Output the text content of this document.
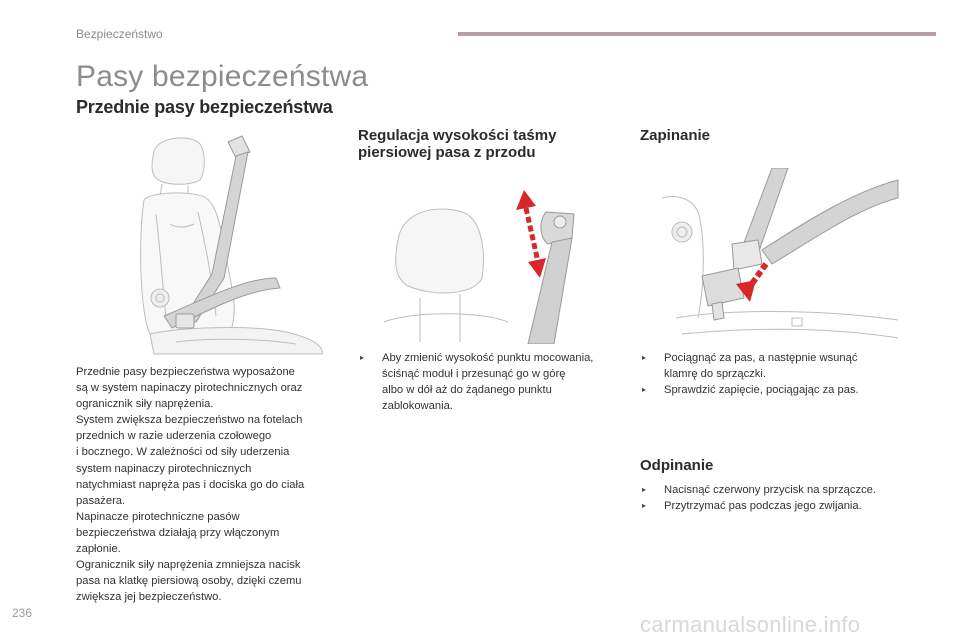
Bezpieczeństwo
Pasy bezpieczeństwa
Przednie pasy bezpieczeństwa
Regulacja wysokości taśmy
piersiowej pasa z przodu
Zapinanie
Odpinanie
Przednie pasy bezpieczeństwa wyposażone
są w system napinaczy pirotechnicznych oraz
ogranicznik siły naprężenia.
System zwiększa bezpieczeństwo na fotelach
przednich w razie uderzenia czołowego
i bocznego. W zależności od siły uderzenia
system napinaczy pirotechnicznych
natychmiast napręża pas i dociska go do ciała
pasażera.
Napinacze pirotechniczne pasów
bezpieczeństwa działają przy włączonym
zapłonie.
Ogranicznik siły naprężenia zmniejsza nacisk
pasa na klatkę piersiową osoby, dzięki czemu
zwiększa jej bezpieczeństwo.
▸ Aby zmienić wysokość punktu mocowania,
ściśnąć moduł i przesunąć go w górę
albo w dół aż do żądanego punktu
zablokowania.
▸ Pociągnąć za pas, a następnie wsunąć
klamrę do sprzączki.
▸ Sprawdzić zapięcie, pociągając za pas.
▸ Nacisnąć czerwony przycisk na sprzączce.
▸ Przytrzymać pas podczas jego zwijania.
236	carmanualsonline.info
